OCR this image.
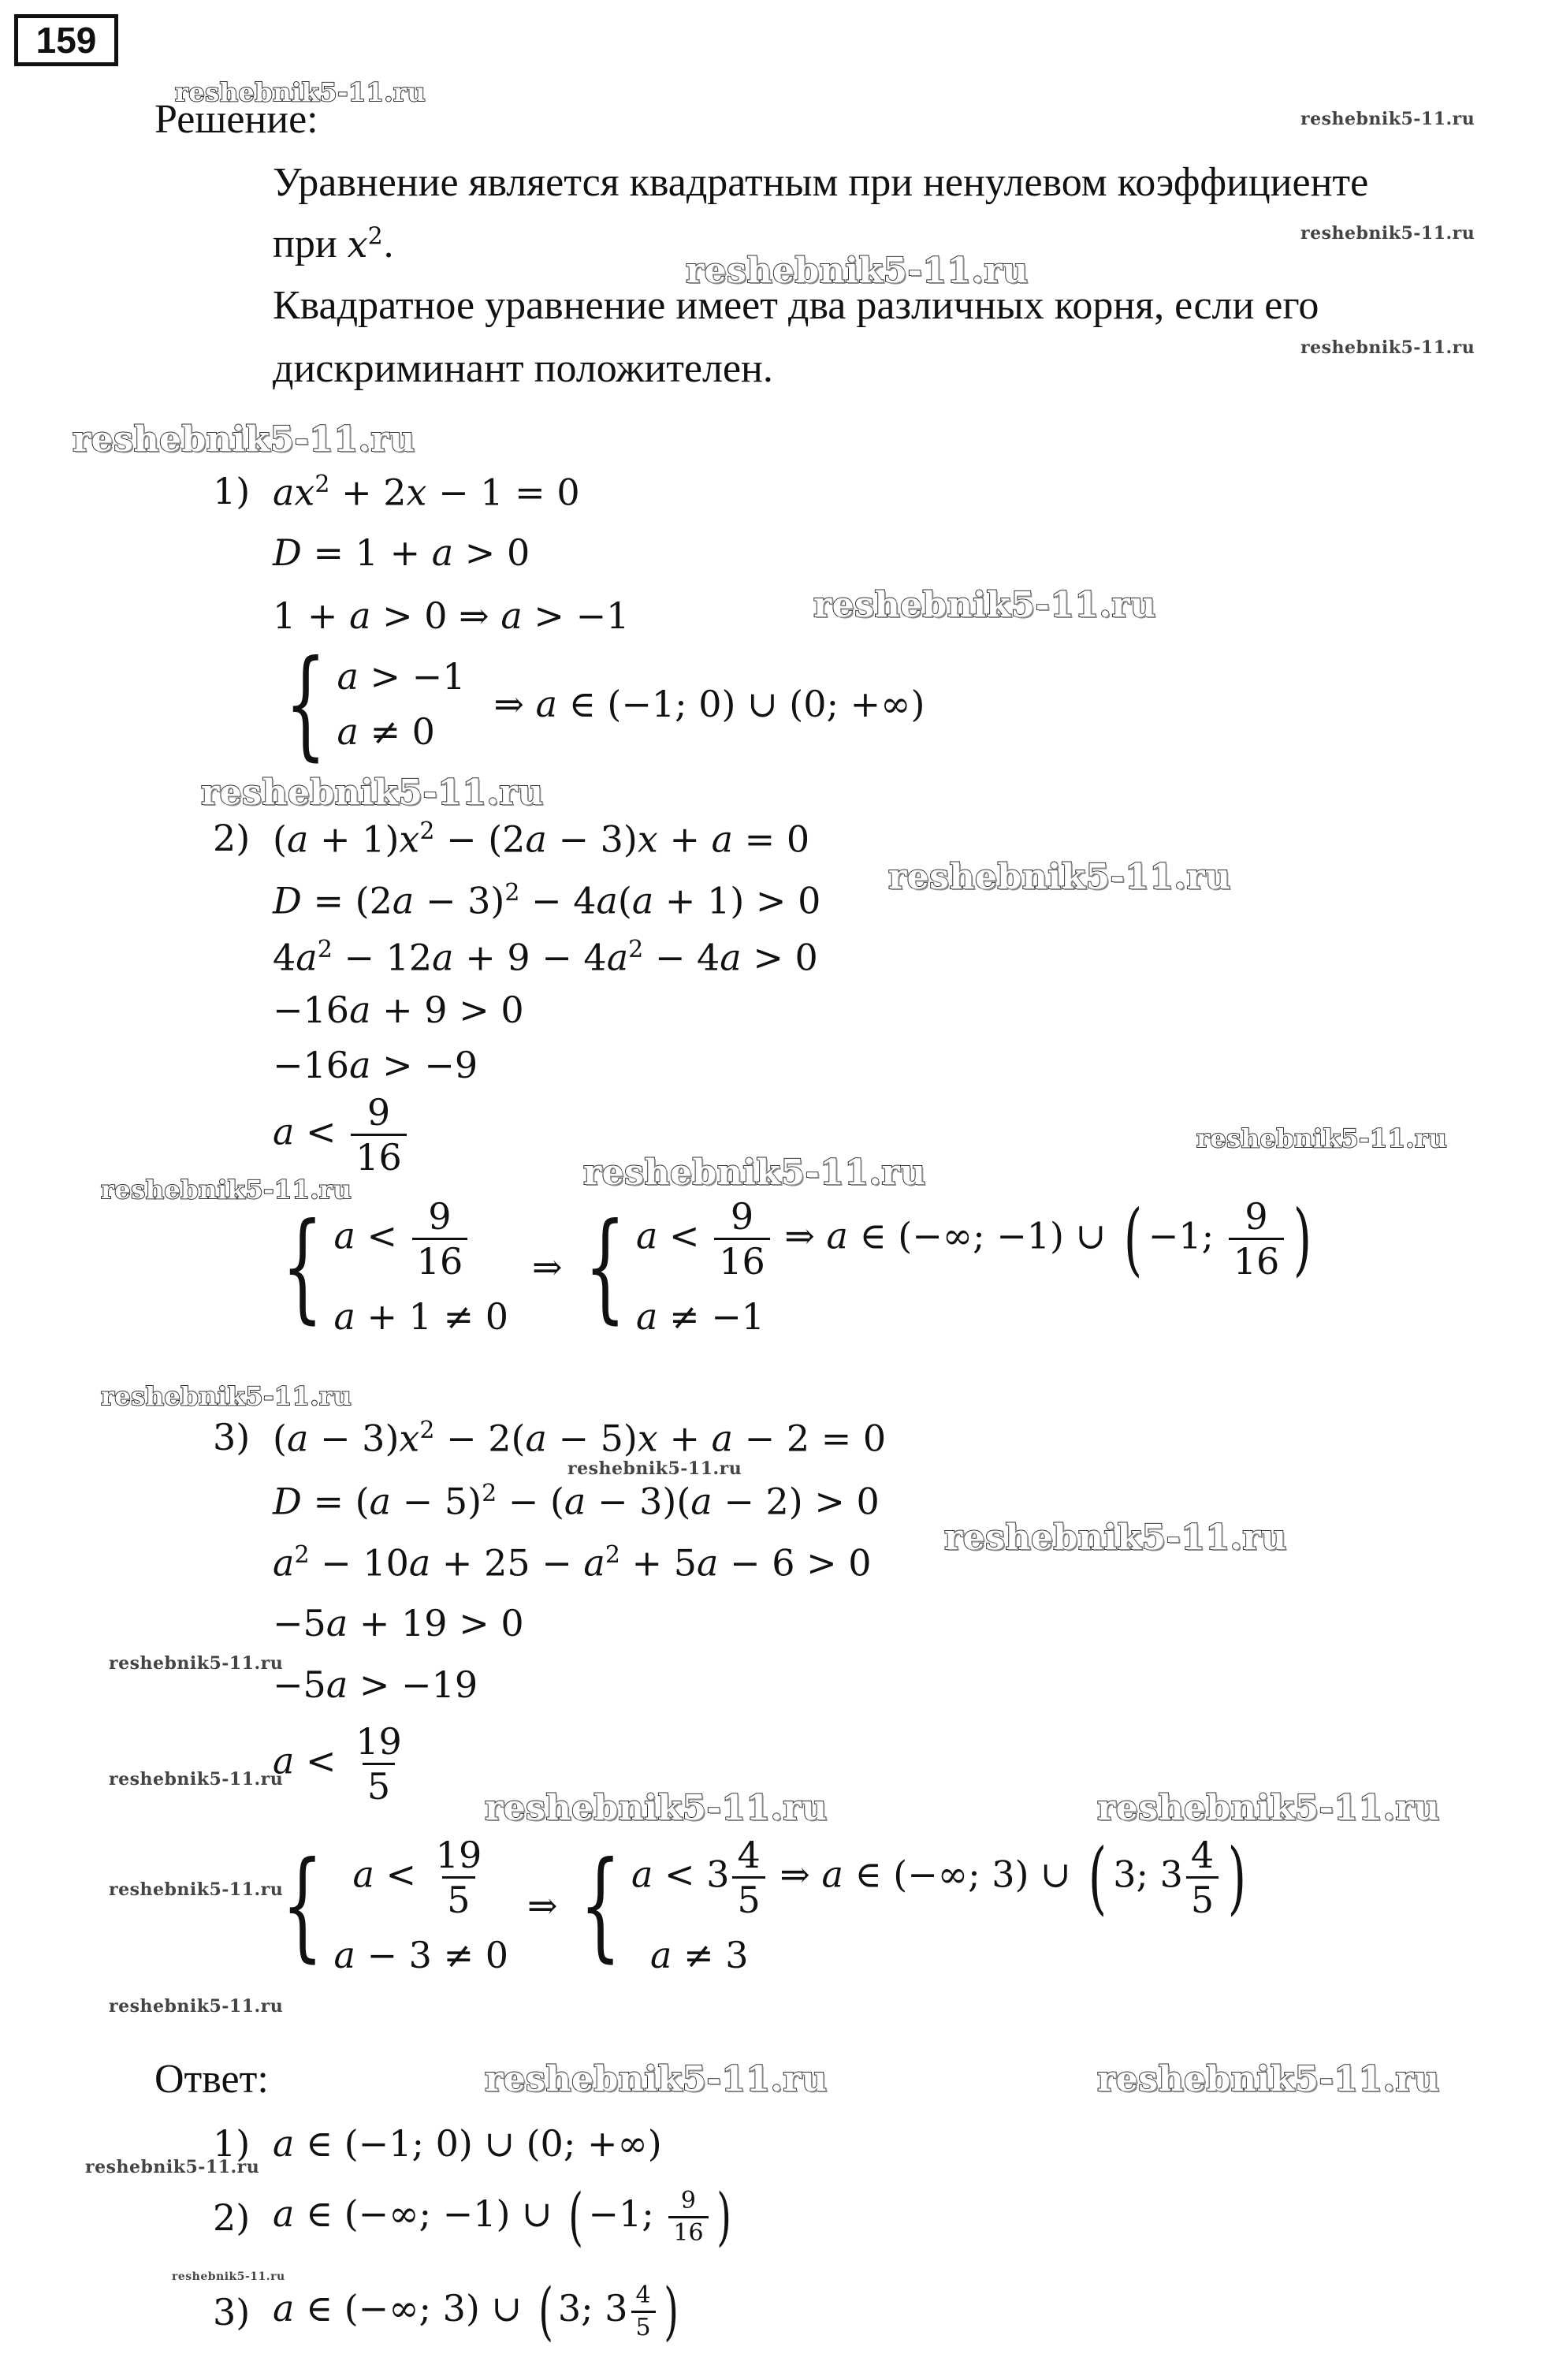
159
reshebnik5-11.ru
reshebnik5-11.ru
reshebnik5-11.ru
reshebnik5-11.ru
reshebnik5-11.ru
reshebnik5-11.ru
reshebnik5-11.ru
reshebnik5-11.ru
reshebnik5-11.ru
reshebnik5-11.ru
reshebnik5-11.ru	reshebnik5-11.ru
reshebnik5-11.ru
reshebnik5-11.ru
reshebnik5-11.ru
reshebnik5-11.ru
reshebnik5-11.ru
reshebnik5-11.ru	reshebnik5-11.ru
reshebnik5-11.ru
reshebnik5-11.ru
reshebnik5-11.ru	reshebnik5-11.ru
reshebnik5-11.ru
reshebnik5-11.ru
Решение:
Уравнение является квадратным при ненулевом коэффициенте
при $x^2$.
Квадратное уравнение имеет два различных корня, если его
дискриминант положителен.
1) $ax^2 + 2x - 1 = 0$
D = 1 + a > 0
1 + a > 0 ⇒ a > −1
{ a > −1
a ≠ 0
⇒ a ∈ (−1; 0) ∪ (0; +∞)
2) $(a + 1)x^2 - (2a - 3)x + a = 0$
$D = (2a - 3)^2 - 4a(a + 1) > 0$
$4a^2 - 12a + 9 - 4a^2 - 4a > 0$
−16a + 9 > 0
−16a > −9
$a < \frac{9}{16}$
{ $a < \frac{9}{16}$
a + 1 ≠ 0
⇒ { $a < \frac{9}{16}$ ⇒ a ∈ (−∞; −1) ∪ ( −1; $\frac{9}{16}$ )
a ≠ −1
3) $(a - 3)x^2 - 2(a - 5)x + a - 2 = 0$
$D = (a - 5)^2 - (a - 3)(a - 2) > 0$
$a^2 - 10a + 25 - a^2 + 5a - 6 > 0$
−5a + 19 > 0
−5a > −19
$a < \frac{19}{5}$
{ $a < \frac{19}{5}$
a − 3 ≠ 0
⇒ { $a < 3 \frac{4}{5}$ ⇒ a ∈ (−∞; 3) ∪ ( 3; $3 \frac{4}{5}$ )
a ≠ 3
Ответ:
1) a ∈ (−1; 0) ∪ (0; +∞)
2) a ∈ (−∞; −1) ∪ ( −1; $\frac{9}{16}$ )
3) a ∈ (−∞; 3) ∪ ( 3; $3 \frac{4}{5}$ )
